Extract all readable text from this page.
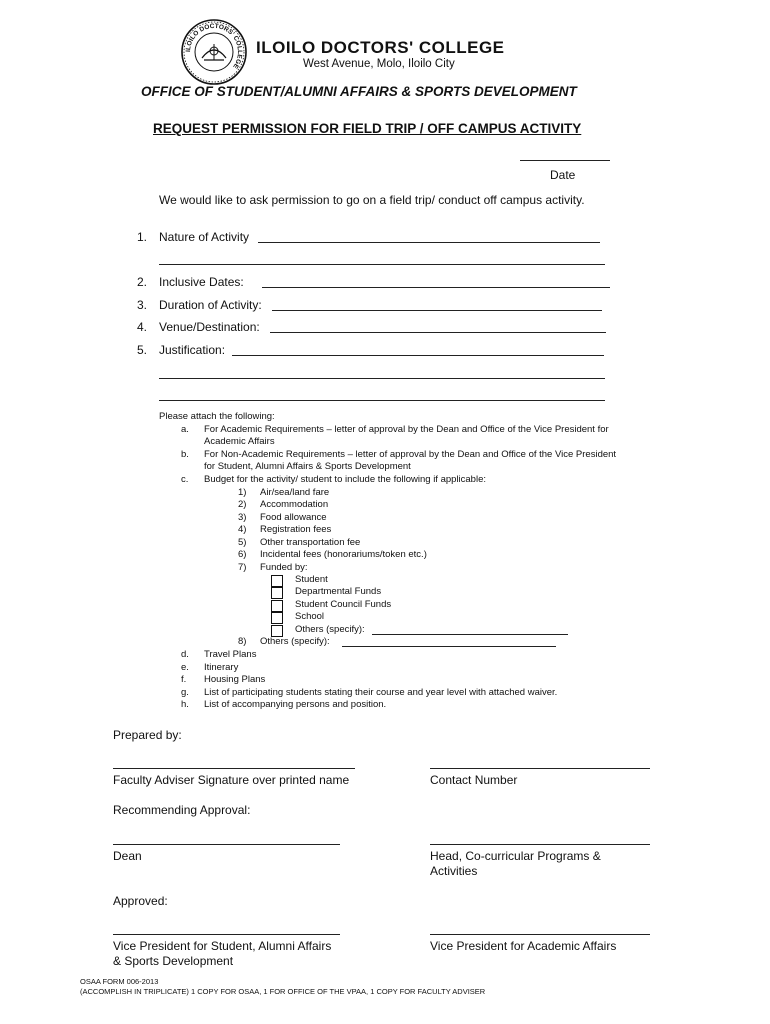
ILOILO DOCTORS' COLLEGE
ILOILO DOCTORS' COLLEGE
West Avenue, Molo, Iloilo City
OFFICE OF STUDENT/ALUMNI AFFAIRS & SPORTS DEVELOPMENT
REQUEST PERMISSION FOR FIELD TRIP / OFF CAMPUS ACTIVITY
Date
We would like to ask permission to go on a field trip/ conduct off campus activity.
1. Nature of Activity
2. Inclusive Dates:
3. Duration of Activity:
4. Venue/Destination:
5. Justification:
Please attach the following:
a. For Academic Requirements – letter of approval by the Dean and Office of the Vice President for
Academic Affairs
b. For Non-Academic Requirements – letter of approval by the Dean and Office of the Vice President
for Student, Alumni Affairs & Sports Development
c. Budget for the activity/ student to include the following if applicable:
1) Air/sea/land fare
2) Accommodation
3) Food allowance
4) Registration fees
5) Other transportation fee
6) Incidental fees (honorariums/token etc.)
7) Funded by:
Student
Departmental Funds
Student Council Funds
School
Others (specify):
8) Others (specify):
d. Travel Plans
e. Itinerary
f. Housing Plans
g. List of participating students stating their course and year level with attached waiver.
h. List of accompanying persons and position.
Prepared by:
Faculty Adviser Signature over printed name	Contact Number
Recommending Approval:
Dean	Head, Co-curricular Programs &
Activities
Approved:
Vice President for Student, Alumni Affairs
& Sports Development
Vice President for Academic Affairs
OSAA FORM 006-2013
(ACCOMPLISH IN TRIPLICATE) 1 COPY FOR OSAA, 1 FOR OFFICE OF THE VPAA, 1 COPY FOR FACULTY ADVISER
